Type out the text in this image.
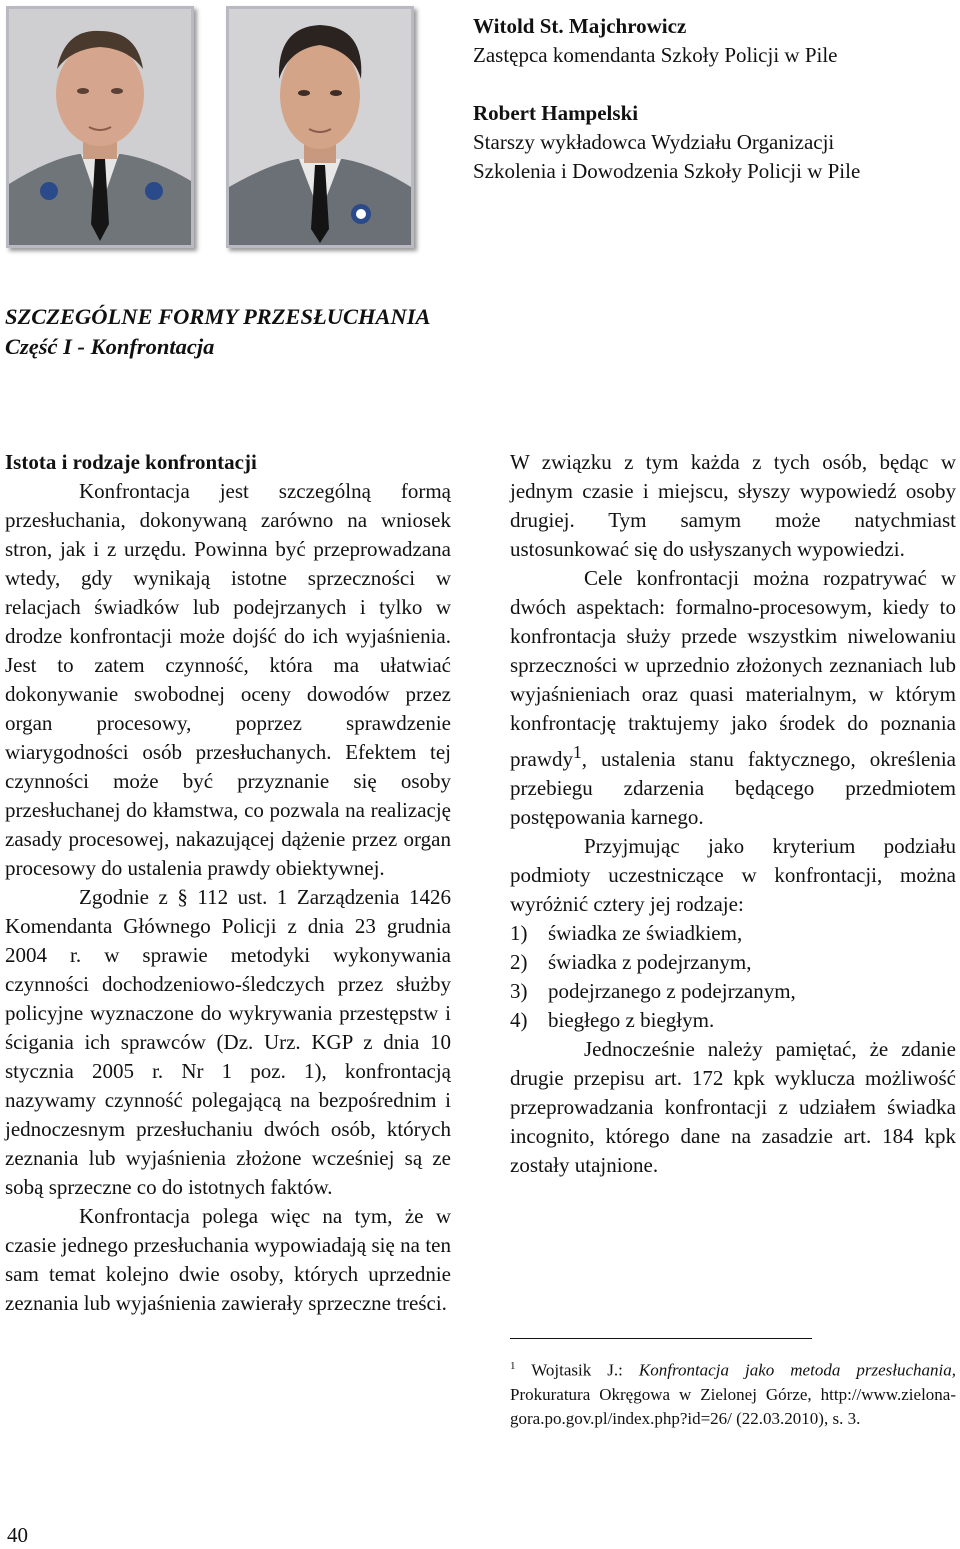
Witold St. Majchrowicz
Zastępca komendanta Szkoły Policji w Pile
Robert Hampelski
Starszy wykładowca Wydziału Organizacji
Szkolenia i Dowodzenia Szkoły Policji w Pile
SZCZEGÓLNE FORMY PRZESŁUCHANIA
Część I - Konfrontacja
Istota i rodzaje konfrontacji

Konfrontacja jest szczególną formą przesłuchania, dokonywaną zarówno na wniosek stron, jak i z urzędu. Powinna być przeprowadzana wtedy, gdy wynikają istotne sprzeczności w relacjach świadków lub podejrzanych i tylko w drodze konfrontacji może dojść do ich wyjaśnienia. Jest to zatem czynność, która ma ułatwiać dokonywanie swobodnej oceny dowodów przez organ procesowy, poprzez sprawdzenie wiarygodności osób przesłuchanych. Efektem tej czynności może być przyznanie się osoby przesłuchanej do kłamstwa, co pozwala na realizację zasady procesowej, nakazującej dążenie przez organ procesowy do ustalenia prawdy obiektywnej.

Zgodnie z § 112 ust. 1 Zarządzenia 1426 Komendanta Głównego Policji z dnia 23 grudnia 2004 r. w sprawie metodyki wykonywania czynności dochodzeniowo-śledczych przez służby policyjne wyznaczone do wykrywania przestępstw i ścigania ich sprawców (Dz. Urz. KGP z dnia 10 stycznia 2005 r. Nr 1 poz. 1), konfrontacją nazywamy czynność polegającą na bezpośrednim i jednoczesnym przesłuchaniu dwóch osób, których zeznania lub wyjaśnienia złożone wcześniej są ze sobą sprzeczne co do istotnych faktów.

Konfrontacja polega więc na tym, że w czasie jednego przesłuchania wypowiadają się na ten sam temat kolejno dwie osoby, których uprzednie zeznania lub wyjaśnienia zawierały sprzeczne treści.

W związku z tym każda z tych osób, będąc w jednym czasie i miejscu, słyszy wypowiedź osoby drugiej. Tym samym może natychmiast ustosunkować się do usłyszanych wypowiedzi.

Cele konfrontacji można rozpatrywać w dwóch aspektach: formalno-procesowym, kiedy to konfrontacja służy przede wszystkim niwelowaniu sprzeczności w uprzednio złożonych zeznaniach lub wyjaśnieniach oraz quasi materialnym, w którym konfrontację traktujemy jako środek do poznania prawdy$^1$, ustalenia stanu faktycznego, określenia przebiegu zdarzenia będącego przedmiotem postępowania karnego.

Przyjmując jako kryterium podziału podmioty uczestniczące w konfrontacji, można wyróżnić cztery jej rodzaje:

1) świadka ze świadkiem,
2) świadka z podejrzanym,
3) podejrzanego z podejrzanym,
4) biegłego z biegłym.

Jednocześnie należy pamiętać, że zdanie drugie przepisu art. 172 kpk wyklucza możliwość przeprowadzania konfrontacji z udziałem świadka incognito, którego dane na zasadzie art. 184 kpk zostały utajnione.

$^1$ Wojtasik J.: Konfrontacja jako metoda przesłuchania, Prokuratura Okręgowa w Zielonej Górze, http://www.zielona-gora.po.gov.pl/index.php?id=26/ (22.03.2010), s. 3.
40
